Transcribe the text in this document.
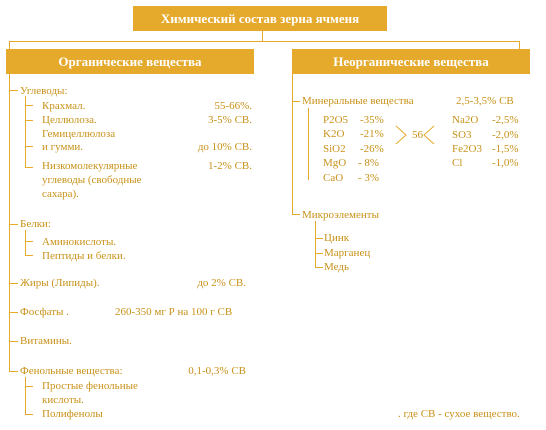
Химический состав зерна ячменя
Органические вещества	Неорганические вещества
Углеводы:
Крахмал.	55-66%.
Целлюлоза.	3-5% СВ.
Гемицеллюлоза
и гумми.	до 10% СВ.
Низкомолекулярные	1-2% СВ.
углеводы (свободные
сахара).
Белки:
Аминокислоты.
Пептиды и белки.
Жиры (Липиды).	до 2% СВ.
Фосфаты .	260-350 мг Р на 100 г СВ
Витамины.
Фенольные вещества:	0,1-0,3% СВ
Простые фенольные
кислоты.
Полифенолы
Минеральные вещества	2,5-3,5% СВ
P2O5 -35%
K2O -21%
SiO2 -26%
MgO - 8%
CaO - 3%
56
Na2O -2,5%
SO3 -2,0%
Fe2O3 -1,5%
Cl	-1,0%
Микроэлементы
Цинк
Марганец
Медь
. где СВ - сухое вещество.
